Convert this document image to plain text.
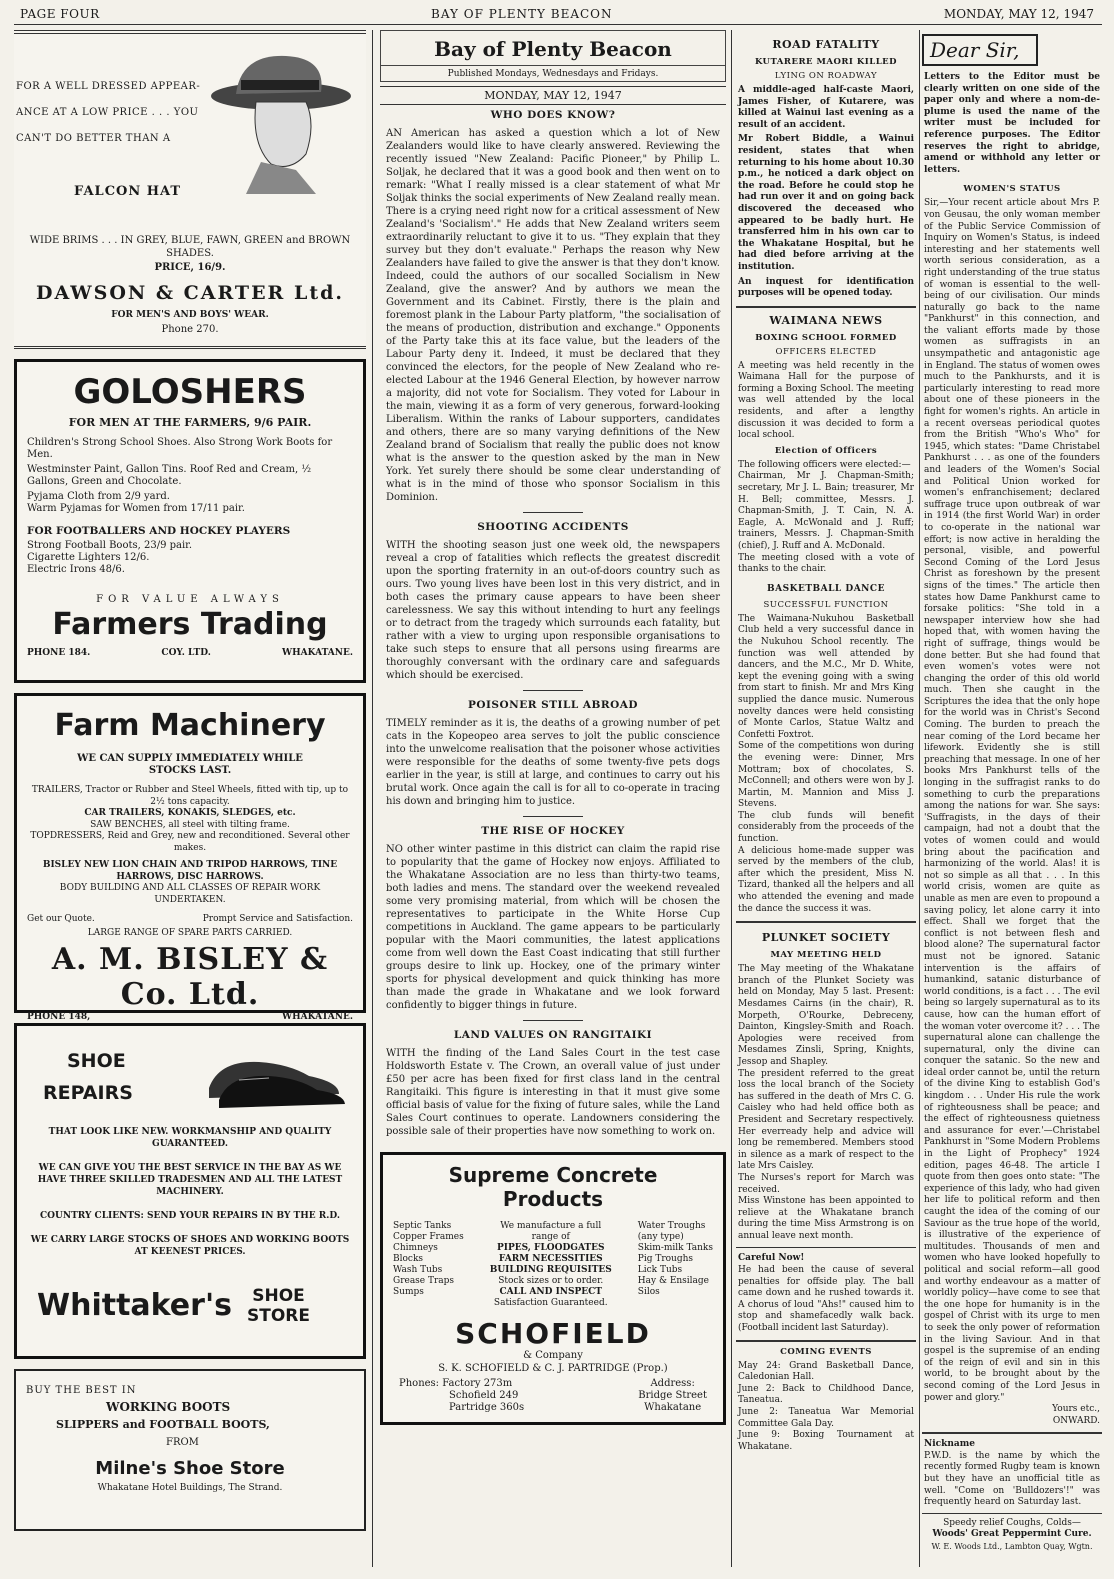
PAGE FOUR	BAY OF PLENTY BEACON	MONDAY, MAY 12, 1947
FOR A WELL DRESSED APPEAR-
ANCE AT A LOW PRICE . . . YOU
CAN'T DO BETTER THAN A
FALCON HAT
WIDE BRIMS . . . IN GREY, BLUE, FAWN, GREEN and BROWN SHADES.
PRICE, 16/9.
DAWSON & CARTER Ltd.
FOR MEN'S AND BOYS' WEAR.
Phone 270.
GOLOSHERS
FOR MEN AT THE FARMERS, 9/6 PAIR.
Children's Strong School Shoes. Also Strong Work Boots for Men.
Westminster Paint, Gallon Tins. Roof Red and Cream, ½ Gallons, Green and Chocolate.
Pyjama Cloth from 2/9 yard.
Warm Pyjamas for Women from 17/11 pair.
FOR FOOTBALLERS AND HOCKEY PLAYERS
Strong Football Boots, 23/9 pair.
Cigarette Lighters 12/6.
Electric Irons 48/6.
FOR VALUE ALWAYS
Farmers Trading
PHONE 184.	COY. LTD.	WHAKATANE.
Farm Machinery
WE CAN SUPPLY IMMEDIATELY WHILE STOCKS LAST.
TRAILERS, Tractor or Rubber and Steel Wheels, fitted with tip, up to 2½ tons capacity.
CAR TRAILERS, KONAKIS, SLEDGES, etc.
SAW BENCHES, all steel with tilting frame.
TOPDRESSERS, Reid and Grey, new and reconditioned. Several other makes.
BISLEY NEW LION CHAIN AND TRIPOD HARROWS, TINE HARROWS, DISC HARROWS.
BODY BUILDING AND ALL CLASSES OF REPAIR WORK UNDERTAKEN.
Get our Quote.	Prompt Service and Satisfaction.
LARGE RANGE OF SPARE PARTS CARRIED.
A. M. BISLEY & Co. Ltd.
PHONE 148,	WHAKATANE.
SHOE
REPAIRS
THAT LOOK LIKE NEW. WORKMANSHIP AND QUALITY GUARANTEED.
WE CAN GIVE YOU THE BEST SERVICE IN THE BAY AS WE HAVE THREE SKILLED TRADESMEN AND ALL THE LATEST MACHINERY.
COUNTRY CLIENTS: SEND YOUR REPAIRS IN BY THE R.D.
WE CARRY LARGE STOCKS OF SHOES AND WORKING BOOTS AT KEENEST PRICES.
Whittaker's	SHOE
STORE
BUY THE BEST IN
WORKING BOOTS
SLIPPERS and FOOTBALL BOOTS,
FROM
Milne's Shoe Store
Whakatane Hotel Buildings, The Strand.
Bay of Plenty Beacon
Published Mondays, Wednesdays and Fridays.
MONDAY, MAY 12, 1947
WHO DOES KNOW?
AN American has asked a question which a lot of New Zealanders would like to have clearly answered. Reviewing the recently issued "New Zealand: Pacific Pioneer," by Philip L. Soljak, he declared that it was a good book and then went on to remark: "What I really missed is a clear statement of what Mr Soljak thinks the social experiments of New Zealand really mean. There is a crying need right now for a critical assessment of New Zealand's 'Socialism'." He adds that New Zealand writers seem extraordinarily reluctant to give it to us. "They explain that they survey but they don't evaluate." Perhaps the reason why New Zealanders have failed to give the answer is that they don't know. Indeed, could the authors of our socalled Socialism in New Zealand, give the answer? And by authors we mean the Government and its Cabinet. Firstly, there is the plain and foremost plank in the Labour Party platform, "the socialisation of the means of production, distribution and exchange." Opponents of the Party take this at its face value, but the leaders of the Labour Party deny it. Indeed, it must be declared that they convinced the electors, for the people of New Zealand who re-elected Labour at the 1946 General Election, by however narrow a majority, did not vote for Socialism. They voted for Labour in the main, viewing it as a form of very generous, forward-looking Liberalism. Within the ranks of Labour supporters, candidates and others, there are so many varying definitions of the New Zealand brand of Socialism that really the public does not know what is the answer to the question asked by the man in New York. Yet surely there should be some clear understanding of what is in the mind of those who sponsor Socialism in this Dominion.
SHOOTING ACCIDENTS
WITH the shooting season just one week old, the newspapers reveal a crop of fatalities which reflects the greatest discredit upon the sporting fraternity in an out-of-doors country such as ours. Two young lives have been lost in this very district, and in both cases the primary cause appears to have been sheer carelessness. We say this without intending to hurt any feelings or to detract from the tragedy which surrounds each fatality, but rather with a view to urging upon responsible organisations to take such steps to ensure that all persons using firearms are thoroughly conversant with the ordinary care and safeguards which should be exercised.
POISONER STILL ABROAD
TIMELY reminder as it is, the deaths of a growing number of pet cats in the Kopeopeo area serves to jolt the public conscience into the unwelcome realisation that the poisoner whose activities were responsible for the deaths of some twenty-five pets dogs earlier in the year, is still at large, and continues to carry out his brutal work. Once again the call is for all to co-operate in tracing his down and bringing him to justice.
THE RISE OF HOCKEY
NO other winter pastime in this district can claim the rapid rise to popularity that the game of Hockey now enjoys. Affiliated to the Whakatane Association are no less than thirty-two teams, both ladies and mens. The standard over the weekend revealed some very promising material, from which will be chosen the representatives to participate in the White Horse Cup competitions in Auckland. The game appears to be particularly popular with the Maori communities, the latest applications come from well down the East Coast indicating that still further groups desire to link up. Hockey, one of the primary winter sports for physical development and quick thinking has more than made the grade in Whakatane and we look forward confidently to bigger things in future.
LAND VALUES ON RANGITAIKI
WITH the finding of the Land Sales Court in the test case Holdsworth Estate v. The Crown, an overall value of just under £50 per acre has been fixed for first class land in the central Rangitaiki. This figure is interesting in that it must give some official basis of value for the fixing of future sales, while the Land Sales Court continues to operate. Landowners considering the possible sale of their properties have now something to work on.
Supreme Concrete
Products
Septic Tanks
Copper Frames
Chimneys
Blocks
Wash Tubs
Grease Traps
Sumps
We manufacture a full
range of
PIPES, FLOODGATES
FARM NECESSITIES
BUILDING REQUISITES
Stock sizes or to order.
CALL AND INSPECT
Satisfaction Guaranteed.
Water Troughs
(any type)
Skim-milk Tanks
Pig Troughs
Lick Tubs
Hay & Ensilage
Silos
SCHOFIELD
& Company
S. K. SCHOFIELD & C. J. PARTRIDGE (Prop.)
Phones: Factory 273m
Schofield 249
Partridge 360s
Address:
Bridge Street
Whakatane
ROAD FATALITY
KUTARERE MAORI KILLED
LYING ON ROADWAY
A middle-aged half-caste Maori, James Fisher, of Kutarere, was killed at Wainui last evening as a result of an accident.
Mr Robert Biddle, a Wainui resident, states that when returning to his home about 10.30 p.m., he noticed a dark object on the road. Before he could stop he had run over it and on going back discovered the deceased who appeared to be badly hurt. He transferred him in his own car to the Whakatane Hospital, but he had died before arriving at the institution.
An inquest for identification purposes will be opened today.
WAIMANA NEWS
BOXING SCHOOL FORMED
OFFICERS ELECTED
A meeting was held recently in the Waimana Hall for the purpose of forming a Boxing School. The meeting was well attended by the local residents, and after a lengthy discussion it was decided to form a local school.
Election of Officers
The following officers were elected:—
Chairman, Mr J. Chapman-Smith; secretary, Mr J. L. Bain; treasurer, Mr H. Bell; committee, Messrs. J. Chapman-Smith, J. T. Cain, N. A. Eagle, A. McWonald and J. Ruff; trainers, Messrs. J. Chapman-Smith (chief), J. Ruff and A. McDonald.
The meeting closed with a vote of thanks to the chair.
BASKETBALL DANCE
SUCCESSFUL FUNCTION
The Waimana-Nukuhou Basketball Club held a very successful dance in the Nukuhou School recently. The function was well attended by dancers, and the M.C., Mr D. White, kept the evening going with a swing from start to finish. Mr and Mrs King supplied the dance music. Numerous novelty dances were held consisting of Monte Carlos, Statue Waltz and Confetti Foxtrot.
Some of the competitions won during the evening were: Dinner, Mrs Mottram; box of chocolates, S. McConnell; and others were won by J. Martin, M. Mannion and Miss J. Stevens.
The club funds will benefit considerably from the proceeds of the function.
A delicious home-made supper was served by the members of the club, after which the president, Miss N. Tizard, thanked all the helpers and all who attended the evening and made the dance the success it was.
PLUNKET SOCIETY
MAY MEETING HELD
The May meeting of the Whakatane branch of the Plunket Society was held on Monday, May 5 last. Present: Mesdames Cairns (in the chair), R. Morpeth, O'Rourke, Debreceny, Dainton, Kingsley-Smith and Roach. Apologies were received from Mesdames Zinsli, Spring, Knights, Jessop and Shapley.
The president referred to the great loss the local branch of the Society has suffered in the death of Mrs C. G. Caisley who had held office both as President and Secretary respectively. Her everready help and advice will long be remembered. Members stood in silence as a mark of respect to the late Mrs Caisley.
The Nurses's report for March was received.
Miss Winstone has been appointed to relieve at the Whakatane branch during the time Miss Armstrong is on annual leave next month.
Careful Now!
He had been the cause of several penalties for offside play. The ball came down and he rushed towards it. A chorus of loud "Ahs!" caused him to stop and shamefacedly walk back. (Football incident last Saturday).
COMING EVENTS
May 24: Grand Basketball Dance, Caledonian Hall.
June 2: Back to Childhood Dance, Taneatua.
June 2: Taneatua War Memorial Committee Gala Day.
June 9: Boxing Tournament at Whakatane.
Dear Sir,
Letters to the Editor must be clearly written on one side of the paper only and where a nom-de-plume is used the name of the writer must be included for reference purposes. The Editor reserves the right to abridge, amend or withhold any letter or letters.
WOMEN'S STATUS
Sir,—Your recent article about Mrs P. von Geusau, the only woman member of the Public Service Commission of Inquiry on Women's Status, is indeed interesting and her statements well worth serious consideration, as a right understanding of the true status of woman is essential to the well-being of our civilisation. Our minds naturally go back to the name "Pankhurst" in this connection, and the valiant efforts made by those women as suffragists in an unsympathetic and antagonistic age in England. The status of women owes much to the Pankhursts, and it is particularly interesting to read more about one of these pioneers in the fight for women's rights. An article in a recent overseas periodical quotes from the British "Who's Who" for 1945, which states: "Dame Christabel Pankhurst . . . as one of the founders and leaders of the Women's Social and Political Union worked for women's enfranchisement; declared suffrage truce upon outbreak of war in 1914 (the first World War) in order to co-operate in the national war effort; is now active in heralding the personal, visible, and powerful Second Coming of the Lord Jesus Christ as foreshown by the present signs of the times." The article then states how Dame Pankhurst came to forsake politics: "She told in a newspaper interview how she had hoped that, with women having the right of suffrage, things would be done better. But she had found that even women's votes were not changing the order of this old world much. Then she caught in the Scriptures the idea that the only hope for the world was in Christ's Second Coming. The burden to preach the near coming of the Lord became her lifework. Evidently she is still preaching that message. In one of her books Mrs Pankhurst tells of the longing in the suffragist ranks to do something to curb the preparations among the nations for war. She says: 'Suffragists, in the days of their campaign, had not a doubt that the votes of women could and would bring about the pacification and harmonizing of the world. Alas! it is not so simple as all that . . . In this world crisis, women are quite as unable as men are even to propound a saving policy, let alone carry it into effect. Shall we forget that the conflict is not between flesh and blood alone? The supernatural factor must not be ignored. Satanic intervention is the affairs of humankind, satanic disturbance of world conditions, is a fact . . . The evil being so largely supernatural as to its cause, how can the human effort of the woman voter overcome it? . . . The supernatural alone can challenge the supernatural, only the divine can conquer the satanic. So the new and ideal order cannot be, until the return of the divine King to establish God's kingdom . . . Under His rule the work of righteousness shall be peace; and the effect of righteousness quietness and assurance for ever.'—Christabel Pankhurst in "Some Modern Problems in the Light of Prophecy" 1924 edition, pages 46-48. The article I quote from then goes onto state: "The experience of this lady, who had given her life to political reform and then caught the idea of the coming of our Saviour as the true hope of the world, is illustrative of the experience of multitudes. Thousands of men and women who have looked hopefully to political and social reform—all good and worthy endeavour as a matter of worldly policy—have come to see that the one hope for humanity is in the gospel of Christ with its urge to men to seek the only power of reformation in the living Saviour. And in that gospel is the supremise of an ending of the reign of evil and sin in this world, to be brought about by the second coming of the Lord Jesus in power and glory."
Yours etc.,
ONWARD.
Nickname
P.W.D. is the name by which the recently formed Rugby team is known but they have an unofficial title as well. "Come on 'Bulldozers'!" was frequently heard on Saturday last.
Speedy relief Coughs, Colds—
Woods' Great Peppermint Cure.
W. E. Woods Ltd., Lambton Quay, Wgtn.
